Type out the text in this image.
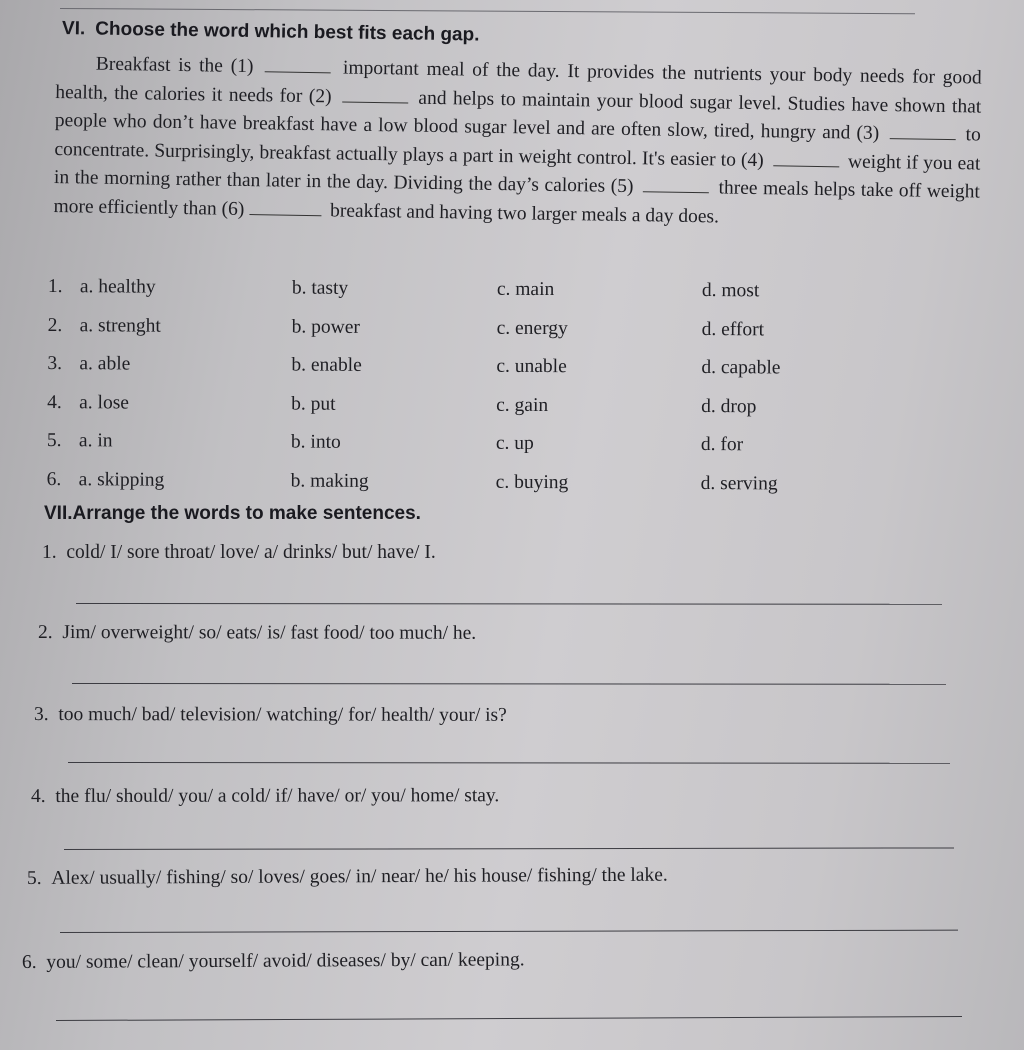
VI. Choose the word which best fits each gap.
Breakfast is the (1)	important meal of the day. It provides the nutrients your body needs for good health, the calories it needs for (2)	and helps to maintain your blood sugar level. Studies have shown that people who don’t have breakfast have a low blood sugar level and are often slow, tired, hungry and (3)	to concentrate. Surprisingly, breakfast actually plays a part in weight control. It's easier to (4)	weight if you eat in the morning rather than later in the day. Dividing the day’s calories (5)	three meals helps take off weight more efficiently than (6)	breakfast and having two larger meals a day does.
1. a. healthy	b. tasty	c. main	d. most
2. a. strenght	b. power	c. energy	d. effort
3. a. able	b. enable	c. unable	d. capable
4. a. lose	b. put	c. gain	d. drop
5. a. in	b. into	c. up	d. for
6. a. skipping	b. making	c. buying	d. serving
VII.Arrange the words to make sentences.
1. cold/ I/ sore throat/ love/ a/ drinks/ but/ have/ I.
2. Jim/ overweight/ so/ eats/ is/ fast food/ too much/ he.
3. too much/ bad/ television/ watching/ for/ health/ your/ is?
4. the flu/ should/ you/ a cold/ if/ have/ or/ you/ home/ stay.
5. Alex/ usually/ fishing/ so/ loves/ goes/ in/ near/ he/ his house/ fishing/ the lake.
6. you/ some/ clean/ yourself/ avoid/ diseases/ by/ can/ keeping.
